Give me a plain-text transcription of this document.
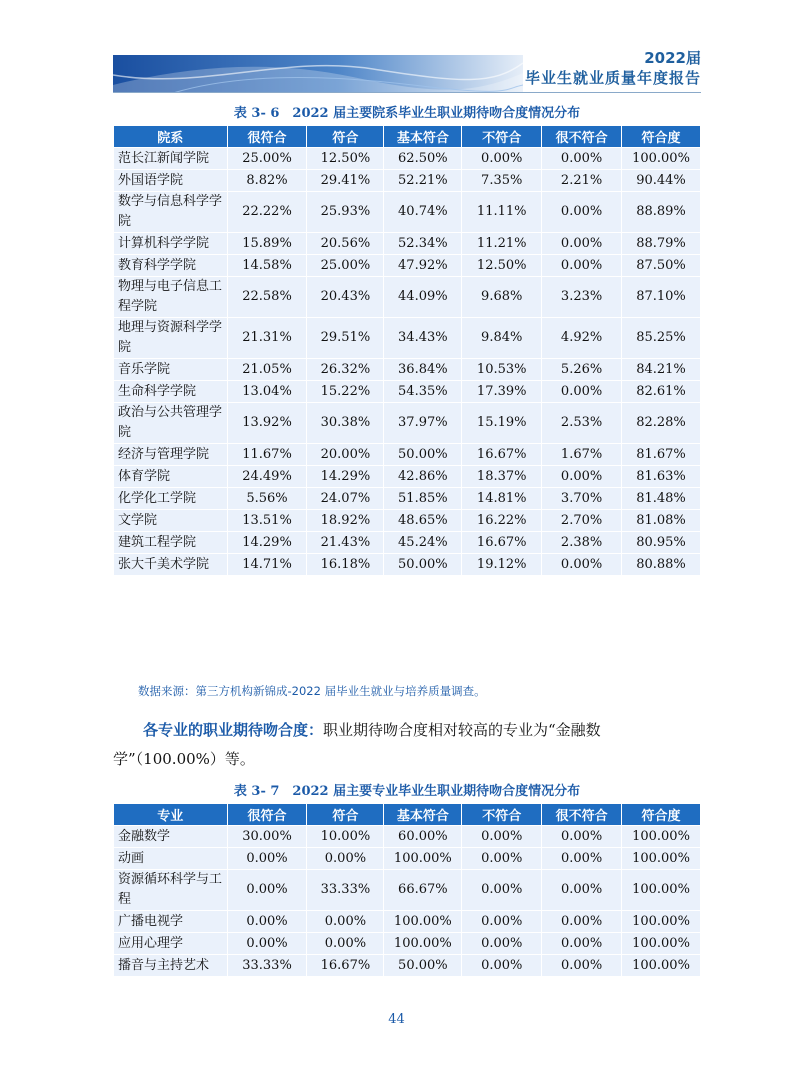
2022届
毕业生就业质量年度报告
表 3- 6　2022 届主要院系毕业生职业期待吻合度情况分布
院系	很符合	符合	基本符合	不符合	很不符合	符合度
范长江新闻学院	25.00%	12.50%	62.50%	0.00%	0.00%	100.00%
外国语学院	8.82%	29.41%	52.21%	7.35%	2.21%	90.44%
数学与信息科学学院	22.22%	25.93%	40.74%	11.11%	0.00%	88.89%
计算机科学学院	15.89%	20.56%	52.34%	11.21%	0.00%	88.79%
教育科学学院	14.58%	25.00%	47.92%	12.50%	0.00%	87.50%
物理与电子信息工程学院	22.58%	20.43%	44.09%	9.68%	3.23%	87.10%
地理与资源科学学院	21.31%	29.51%	34.43%	9.84%	4.92%	85.25%
音乐学院	21.05%	26.32%	36.84%	10.53%	5.26%	84.21%
生命科学学院	13.04%	15.22%	54.35%	17.39%	0.00%	82.61%
政治与公共管理学院	13.92%	30.38%	37.97%	15.19%	2.53%	82.28%
经济与管理学院	11.67%	20.00%	50.00%	16.67%	1.67%	81.67%
体育学院	24.49%	14.29%	42.86%	18.37%	0.00%	81.63%
化学化工学院	5.56%	24.07%	51.85%	14.81%	3.70%	81.48%
文学院	13.51%	18.92%	48.65%	16.22%	2.70%	81.08%
建筑工程学院	14.29%	21.43%	45.24%	16.67%	2.38%	80.95%
张大千美术学院	14.71%	16.18%	50.00%	19.12%	0.00%	80.88%
数据来源：第三方机构新锦成-2022 届毕业生就业与培养质量调查。
各专业的职业期待吻合度：职业期待吻合度相对较高的专业为“金融数学”（100.00%）等。
表 3- 7　2022 届主要专业毕业生职业期待吻合度情况分布
专业	很符合	符合	基本符合	不符合	很不符合	符合度
金融数学	30.00%	10.00%	60.00%	0.00%	0.00%	100.00%
动画	0.00%	0.00%	100.00%	0.00%	0.00%	100.00%
资源循环科学与工程	0.00%	33.33%	66.67%	0.00%	0.00%	100.00%
广播电视学	0.00%	0.00%	100.00%	0.00%	0.00%	100.00%
应用心理学	0.00%	0.00%	100.00%	0.00%	0.00%	100.00%
播音与主持艺术	33.33%	16.67%	50.00%	0.00%	0.00%	100.00%
44
